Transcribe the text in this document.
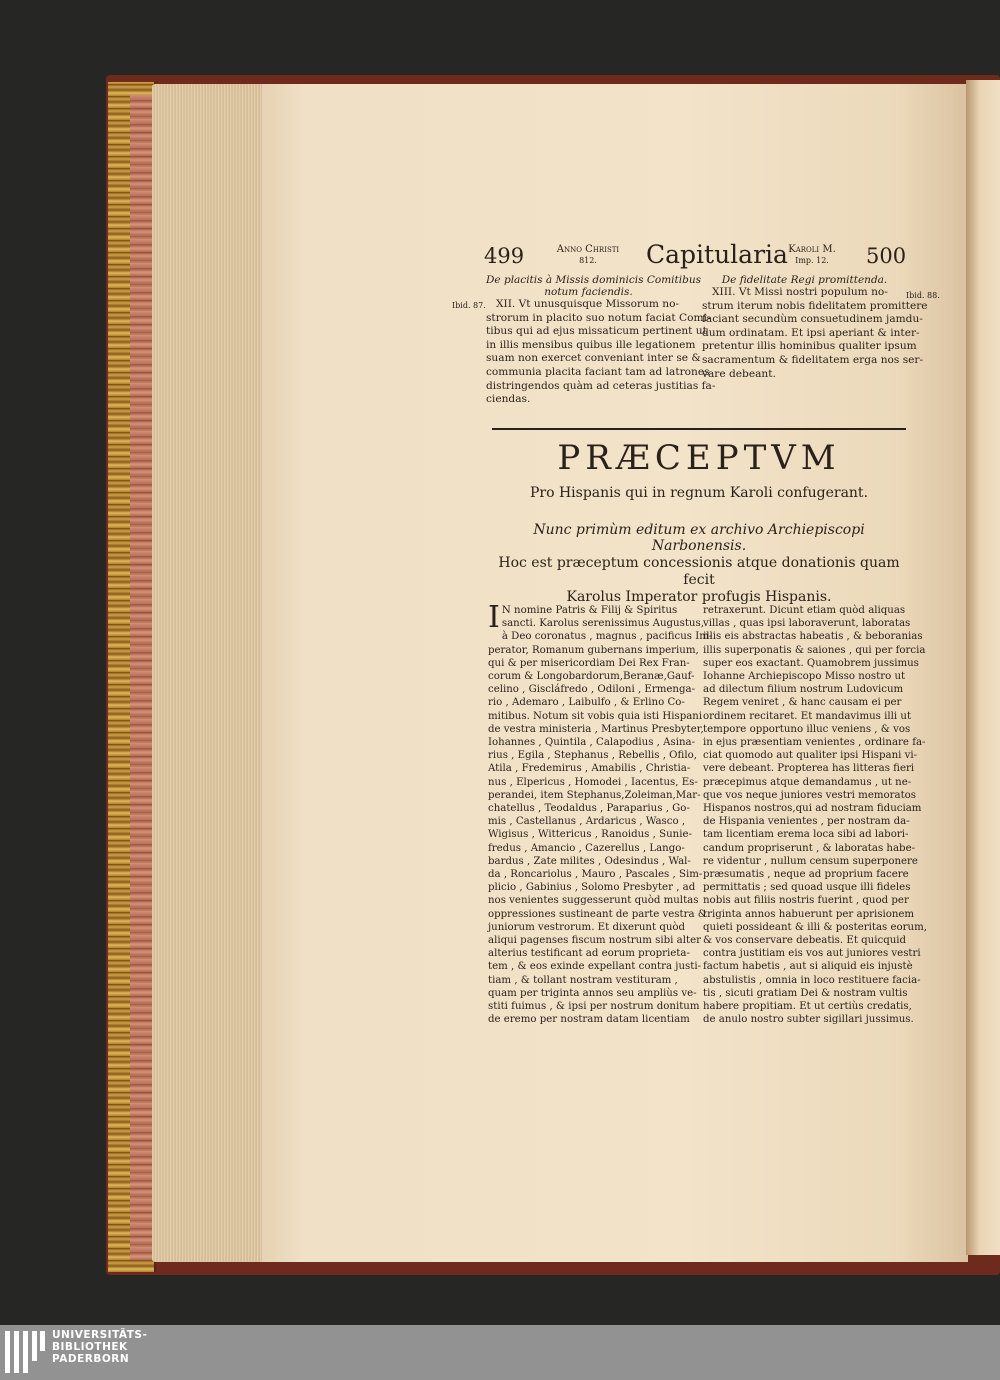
499	Anno Christi
812.	Capitularia Karoli M.
Imp. 12.	500
De placitis à Missis dominicis Comitibus
notum faciendis.
XII. Vt unusquisque Missorum no-
strorum in placito suo notum faciat Comi-
tibus qui ad ejus missaticum pertinent ut
in illis mensibus quibus ille legationem
suam non exercet conveniant inter se &
communia placita faciant tam ad latrones
distringendos quàm ad ceteras justitias fa-
ciendas.
Ibid. 87.
De fidelitate Regi promittenda.
XIII. Vt Missi nostri populum no-
strum iterum nobis fidelitatem promittere
faciant secundùm consuetudinem jamdu-
dum ordinatam. Et ipsi aperiant & inter-
pretentur illis hominibus qualiter ipsum
sacramentum & fidelitatem erga nos ser-
vare debeant.
Ibid. 88.
PRÆCEPTVM
Pro Hispanis qui in regnum Karoli confugerant.
Nunc primùm editum ex archivo Archiepiscopi Narbonensis.
Hoc est præceptum concessionis atque donationis quam fecit
Karolus Imperator profugis Hispanis.
I N nomine Patris & Filij & Spiritus
sancti. Karolus serenissimus Augustus,
à Deo coronatus , magnus , pacificus Im-
perator, Romanum gubernans imperium,
qui & per misericordiam Dei Rex Fran-
corum & Longobardorum,Beranæ,Gauf-
celino , Giscláfredo , Odiloni , Ermenga-
rio , Ademaro , Laibulfo , & Erlino Co-
mitibus. Notum sit vobis quia isti Hispani
de vestra ministeria , Martinus Presbyter,
Iohannes , Quintila , Calapodius , Asina-
rius , Egila , Stephanus , Rebellis , Ofilo,
Atila , Fredemirus , Amabilis , Christia-
nus , Elpericus , Homodei , Iacentus, Es-
perandei, item Stephanus,Zoleiman,Mar-
chatellus , Teodaldus , Paraparius , Go-
mis , Castellanus , Ardaricus , Wasco ,
Wigisus , Wittericus , Ranoidus , Sunie-
fredus , Amancio , Cazerellus , Lango-
bardus , Zate milites , Odesindus , Wal-
da , Roncariolus , Mauro , Pascales , Sim-
plicio , Gabinius , Solomo Presbyter , ad
nos venientes suggesserunt quòd multas
oppressiones sustineant de parte vestra &
juniorum vestrorum. Et dixerunt quòd
aliqui pagenses fiscum nostrum sibi alter
alterius testificant ad eorum proprieta-
tem , & eos exinde expellant contra justi-
tiam , & tollant nostram vestituram ,
quam per triginta annos seu ampliùs ve-
stiti fuimus , & ipsi per nostrum donitum
de eremo per nostram datam licentiam
retraxerunt. Dicunt etiam quòd aliquas
villas , quas ipsi laboraverunt, laboratas
illis eis abstractas habeatis , & beboranias
illis superponatis & saiones , qui per forcia
super eos exactant. Quamobrem jussimus
Iohanne Archiepiscopo Misso nostro ut
ad dilectum filium nostrum Ludovicum
Regem veniret , & hanc causam ei per
ordinem recitaret. Et mandavimus illi ut
tempore opportuno illuc veniens , & vos
in ejus præsentiam venientes , ordinare fa-
ciat quomodo aut qualiter ipsi Hispani vi-
vere debeant. Propterea has litteras fieri
præcepimus atque demandamus , ut ne-
que vos neque juniores vestri memoratos
Hispanos nostros,qui ad nostram fiduciam
de Hispania venientes , per nostram da-
tam licentiam erema loca sibi ad labori-
candum propriserunt , & laboratas habe-
re videntur , nullum censum superponere
præsumatis , neque ad proprium facere
permittatis ; sed quoad usque illi fideles
nobis aut filiis nostris fuerint , quod per
triginta annos habuerunt per aprisionem
quieti possideant & illi & posteritas eorum,
& vos conservare debeatis. Et quicquid
contra justitiam eis vos aut juniores vestri
factum habetis , aut si aliquid eis injustè
abstulistis , omnia in loco restituere facia-
tis , sicuti gratiam Dei & nostram vultis
habere propitiam. Et ut certiùs credatis,
de anulo nostro subter sigillari jussimus.
UNIVERSITÄTS-
BIBLIOTHEK
PADERBORN
